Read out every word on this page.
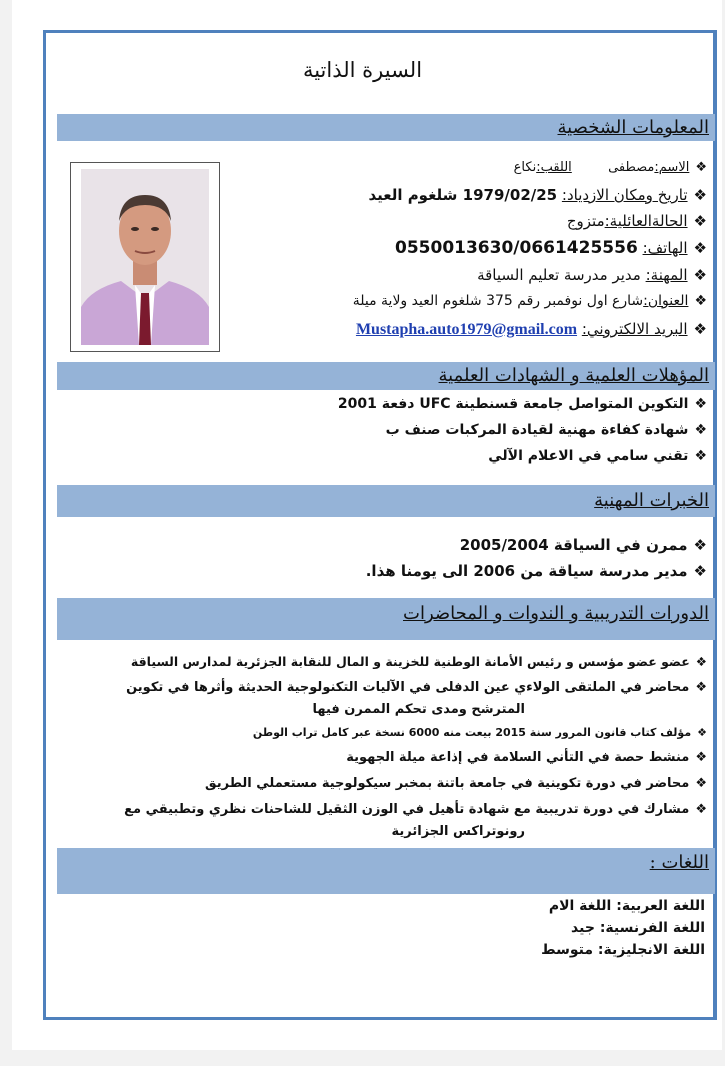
السيرة الذاتية
المعلومات الشخصية
❖الاسم:مصطفى  اللقب:نكاع
❖تاريخ ومكان الازدياد: 1979/02/25 شلغوم العيد
❖الحالةالعائلية:متزوج
❖الهاتف: 0550013630/0661425556
❖المهنة: مدير مدرسة تعليم السياقة
❖العنوان:شارع اول نوفمبر رقم 375 شلغوم العيد ولاية ميلة
❖البريد الالكتروني: Mustapha.auto1979@gmail.com
المؤهلات العلمية و الشهادات العلمية
❖التكوين المتواصل جامعة قسنطينة UFC دفعة 2001
❖شهادة كفاءة مهنية لقيادة المركبات صنف ب
❖تقني سامي في الاعلام الآلي
الخبرات المهنية
❖ممرن في السياقة 2005/2004
❖مدير مدرسة سياقة من 2006 الى يومنا هذا.
الدورات التدريبية و الندوات و المحاضرات
❖عضو عضو مؤسس و رئيس الأمانة الوطنية للخزينة و المال للنقابة الجزئرية لمدارس السياقة
❖محاضر في الملتقى الولاءي عين الدفلى في الآليات التكنولوجية الحديثة وأثرها في تكوين
المترشح ومدى تحكم الممرن فيها
❖مؤلف كتاب قانون المرور سنة 2015 بيعت منه 6000 نسخة عبر كامل تراب الوطن
❖منشط حصة في التأني السلامة في إذاعة ميلة الجهوية
❖محاضر في دورة تكوينية في جامعة باتنة بمخبر سيكولوجية مستعملي الطريق
❖مشارك في دورة تدريبية مع شهادة تأهيل في الوزن الثقيل للشاحنات نظري وتطبيقي مع
رونوتراكس الجزائرية
اللغات :
اللغة العربية: اللغة الام
اللغة الفرنسية: جيد
اللغة الانجليزية: متوسط
